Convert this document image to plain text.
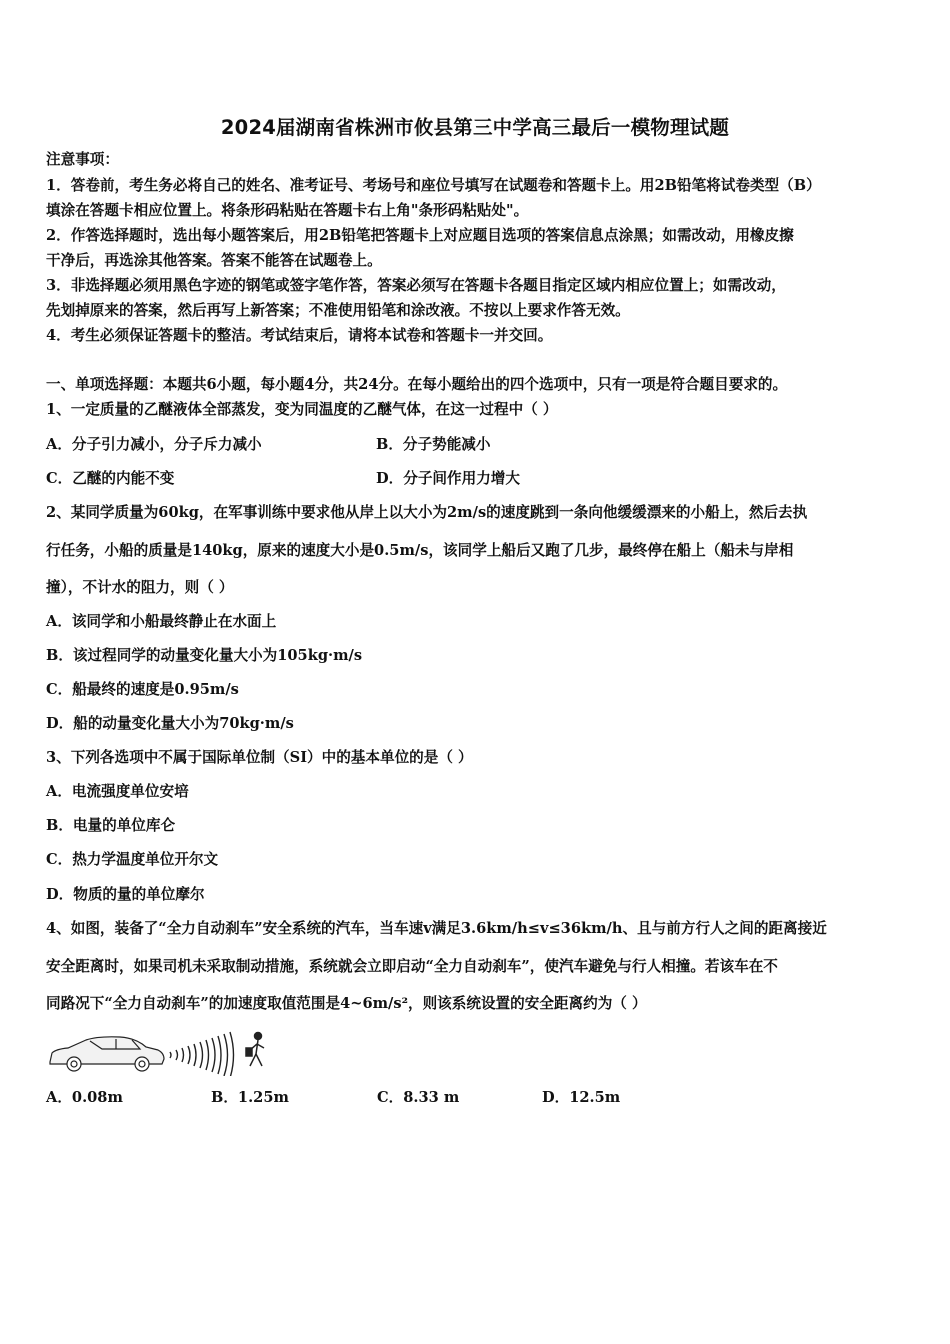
2024届湖南省株洲市攸县第三中学高三最后一模物理试题
注意事项：
1．答卷前，考生务必将自己的姓名、准考证号、考场号和座位号填写在试题卷和答题卡上。用2B铅笔将试卷类型（B）
填涂在答题卡相应位置上。将条形码粘贴在答题卡右上角"条形码粘贴处"。
2．作答选择题时，选出每小题答案后，用2B铅笔把答题卡上对应题目选项的答案信息点涂黑；如需改动，用橡皮擦
干净后，再选涂其他答案。答案不能答在试题卷上。
3．非选择题必须用黑色字迹的钢笔或签字笔作答，答案必须写在答题卡各题目指定区域内相应位置上；如需改动，
先划掉原来的答案，然后再写上新答案；不准使用铅笔和涂改液。不按以上要求作答无效。
4．考生必须保证答题卡的整洁。考试结束后，请将本试卷和答题卡一并交回。
一、单项选择题：本题共6小题，每小题4分，共24分。在每小题给出的四个选项中，只有一项是符合题目要求的。
1、一定质量的乙醚液体全部蒸发，变为同温度的乙醚气体，在这一过程中（ ）
A．分子引力减小，分子斥力减小	B．分子势能减小
C．乙醚的内能不变	D．分子间作用力增大
2、某同学质量为60kg，在军事训练中要求他从岸上以大小为2m/s的速度跳到一条向他缓缓漂来的小船上，然后去执
行任务，小船的质量是140kg，原来的速度大小是0.5m/s，该同学上船后又跑了几步，最终停在船上（船未与岸相
撞），不计水的阻力，则（ ）
A．该同学和小船最终静止在水面上
B．该过程同学的动量变化量大小为105kg·m/s
C．船最终的速度是0.95m/s
D．船的动量变化量大小为70kg·m/s
3、下列各选项中不属于国际单位制（SI）中的基本单位的是（ ）
A．电流强度单位安培
B．电量的单位库仑
C．热力学温度单位开尔文
D．物质的量的单位摩尔
4、如图，装备了“全力自动刹车”安全系统的汽车，当车速v满足3.6km/h≤v≤36km/h、且与前方行人之间的距离接近
安全距离时，如果司机未采取制动措施，系统就会立即启动“全力自动刹车”，使汽车避免与行人相撞。若该车在不
同路况下“全力自动刹车”的加速度取值范围是4~6m/s²，则该系统设置的安全距离约为（ ）
A．0.08m	B．1.25m	C．8.33 m	D．12.5m
